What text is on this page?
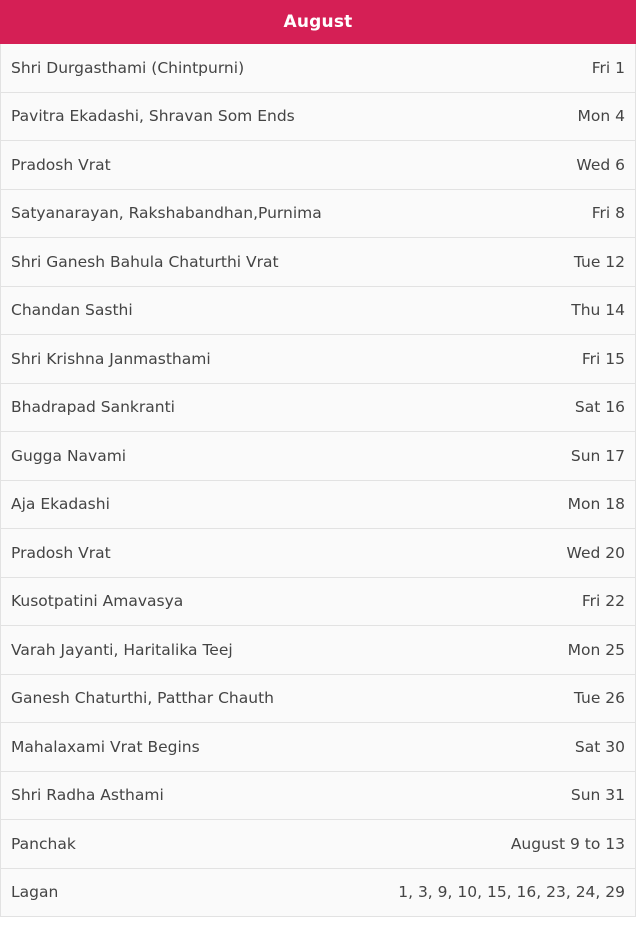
August
Shri Durgasthami (Chintpurni)	Fri 1
Pavitra Ekadashi, Shravan Som Ends	Mon 4
Pradosh Vrat	Wed 6
Satyanarayan, Rakshabandhan,Purnima	Fri 8
Shri Ganesh Bahula Chaturthi Vrat	Tue 12
Chandan Sasthi	Thu 14
Shri Krishna Janmasthami	Fri 15
Bhadrapad Sankranti	Sat 16
Gugga Navami	Sun 17
Aja Ekadashi	Mon 18
Pradosh Vrat	Wed 20
Kusotpatini Amavasya	Fri 22
Varah Jayanti, Haritalika Teej	Mon 25
Ganesh Chaturthi, Patthar Chauth	Tue 26
Mahalaxami Vrat Begins	Sat 30
Shri Radha Asthami	Sun 31
Panchak	August 9 to 13
Lagan	1, 3, 9, 10, 15, 16, 23, 24, 29
